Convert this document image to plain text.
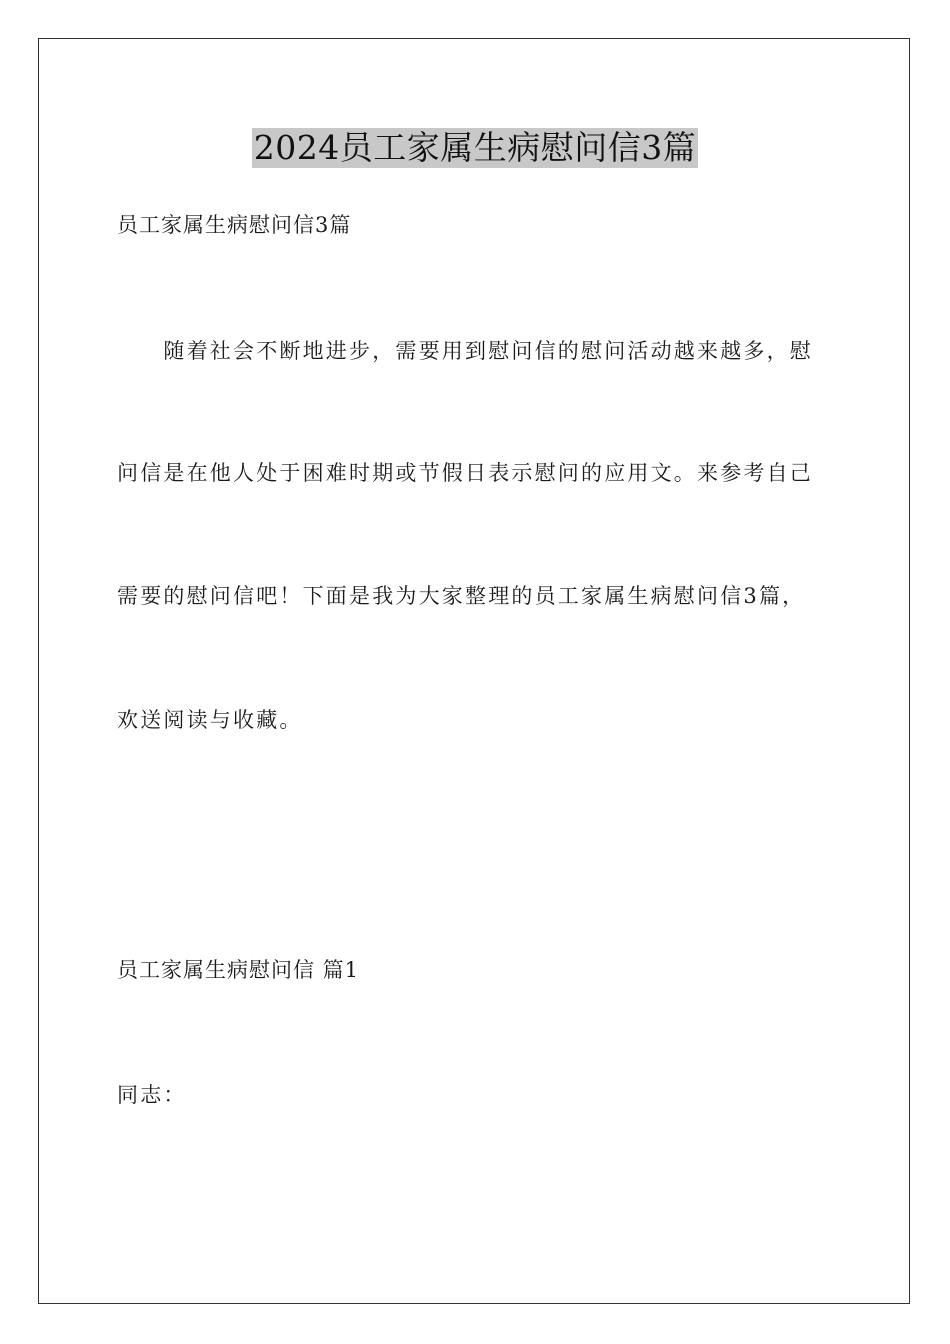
2024员工家属生病慰问信3篇
员工家属生病慰问信3篇
　　随着社会不断地进步，需要用到慰问信的慰问活动越来越多，慰
问信是在他人处于困难时期或节假日表示慰问的应用文。来参考自己
需要的慰问信吧！下面是我为大家整理的员工家属生病慰问信3篇，
欢送阅读与收藏。
员工家属生病慰问信 篇1
同志：
